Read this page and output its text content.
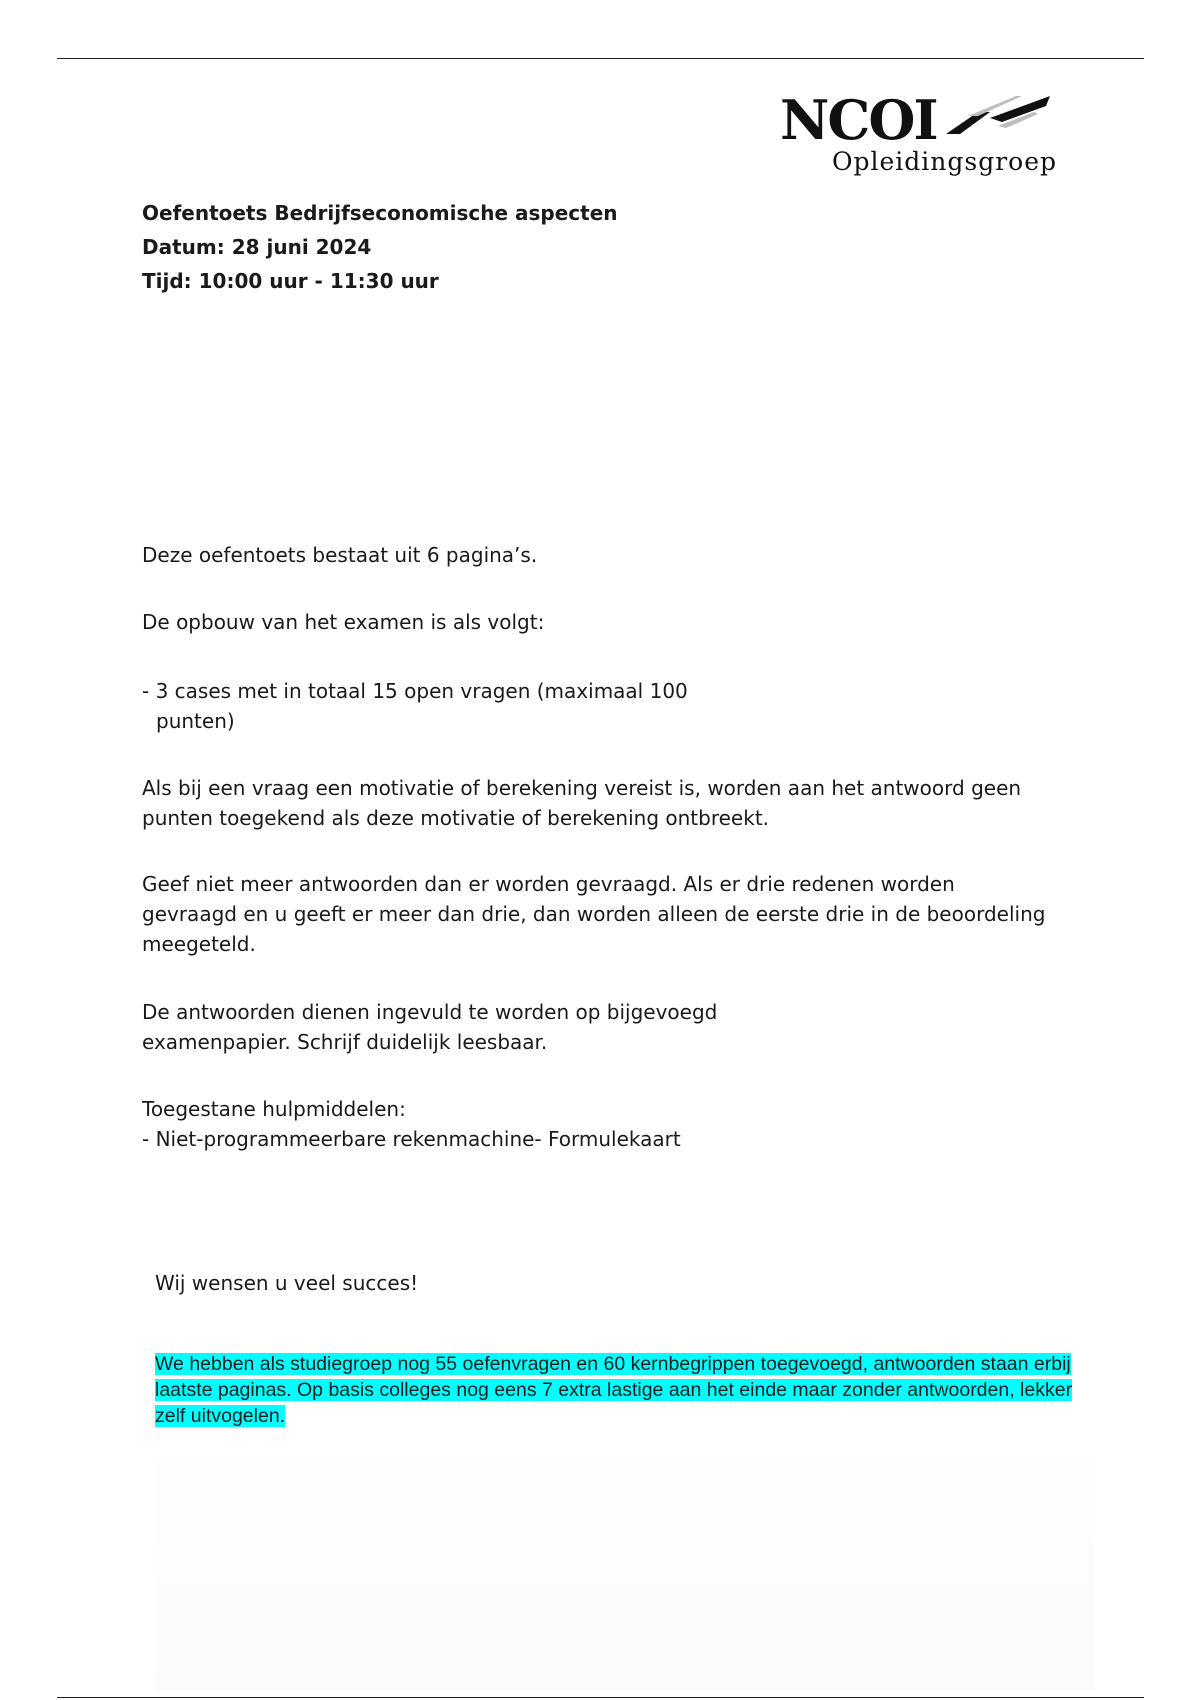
NCOI
Opleidingsgroep
Oefentoets Bedrijfseconomische aspecten
Datum: 28 juni 2024
Tijd: 10:00 uur - 11:30 uur

Deze oefentoets bestaat uit 6 pagina’s.

De opbouw van het examen is als volgt:

- 3 cases met in totaal 15 open vragen (maximaal 100

punten)

Als bij een vraag een motivatie of berekening vereist is, worden aan het antwoord geen

punten toegekend als deze motivatie of berekening ontbreekt.

Geef niet meer antwoorden dan er worden gevraagd. Als er drie redenen worden

gevraagd en u geeft er meer dan drie, dan worden alleen de eerste drie in de beoordeling

meegeteld.

De antwoorden dienen ingevuld te worden op bijgevoegd

examenpapier. Schrijf duidelijk leesbaar.

Toegestane hulpmiddelen:

- Niet-programmeerbare rekenmachine- Formulekaart

Wij wensen u veel succes!

We hebben als studiegroep nog 55 oefenvragen en 60 kernbegrippen toegevoegd, antwoorden staan erbij laatste paginas. Op basis colleges nog eens 7 extra lastige aan het einde maar zonder antwoorden, lekker zelf uitvogelen.
